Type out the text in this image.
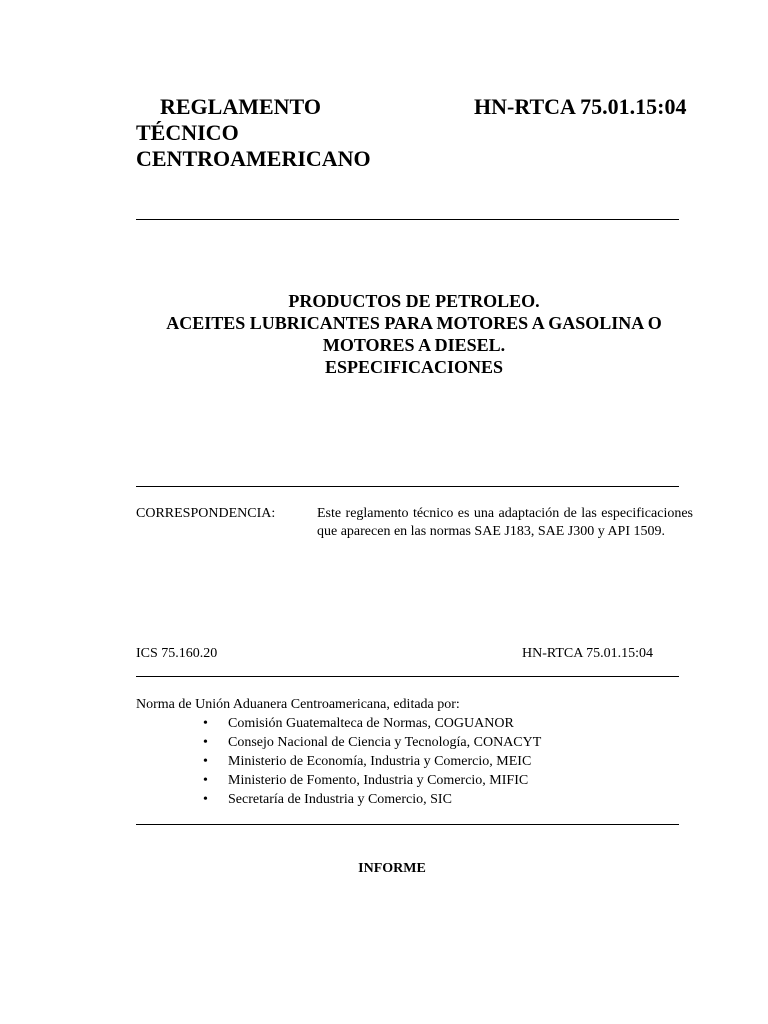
REGLAMENTO
TÉCNICO
CENTROAMERICANO
HN-RTCA 75.01.15:04
PRODUCTOS DE PETROLEO.
ACEITES LUBRICANTES PARA MOTORES A GASOLINA O
MOTORES A DIESEL.
ESPECIFICACIONES
CORRESPONDENCIA:	Este reglamento técnico es una adaptación de las especificaciones que aparecen en las normas SAE J183, SAE J300 y API 1509.
ICS 75.160.20	HN-RTCA 75.01.15:04
Norma de Unión Aduanera Centroamericana, editada por:
• Comisión Guatemalteca de Normas, COGUANOR
• Consejo Nacional de Ciencia y Tecnología, CONACYT
• Ministerio de Economía, Industria y Comercio, MEIC
• Ministerio de Fomento, Industria y Comercio, MIFIC
• Secretaría de Industria y Comercio, SIC
INFORME
